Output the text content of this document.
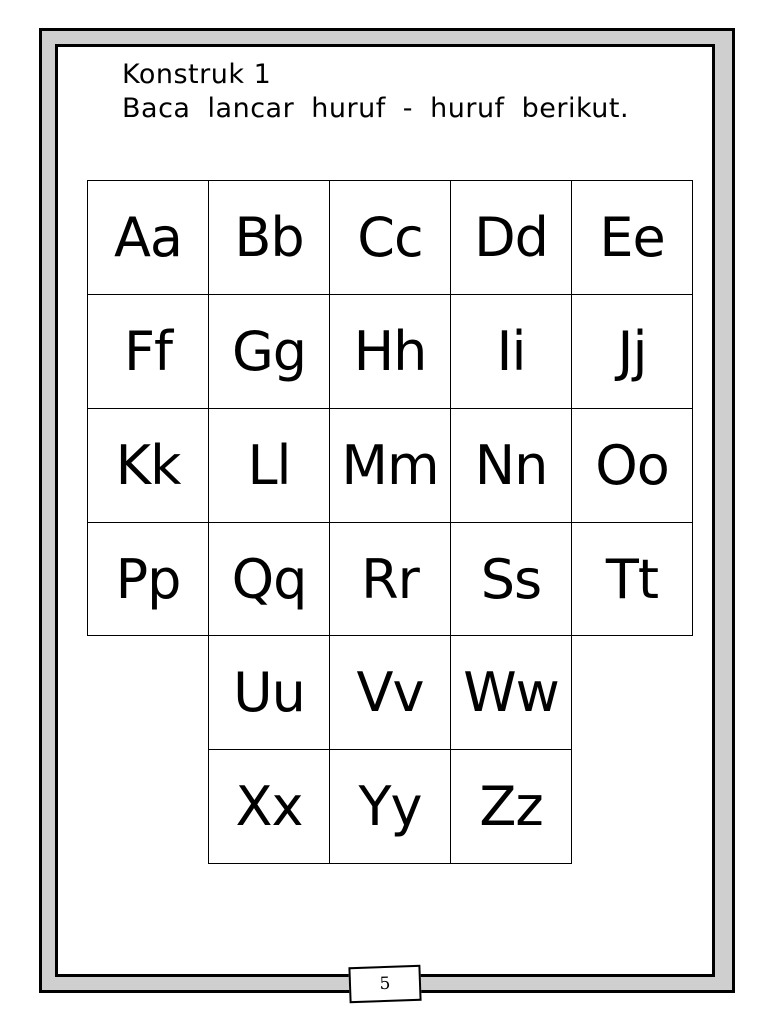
Konstruk 1
Baca lancar huruf - huruf berikut.
Aa Bb Cc Dd Ee
Ff	Gg Hh	Ii	Jj
Kk	Ll Mm Nn Oo
Pp Qq	Rr	Ss	Tt
Uu Vv Ww
Xx	Yy	Zz
5
